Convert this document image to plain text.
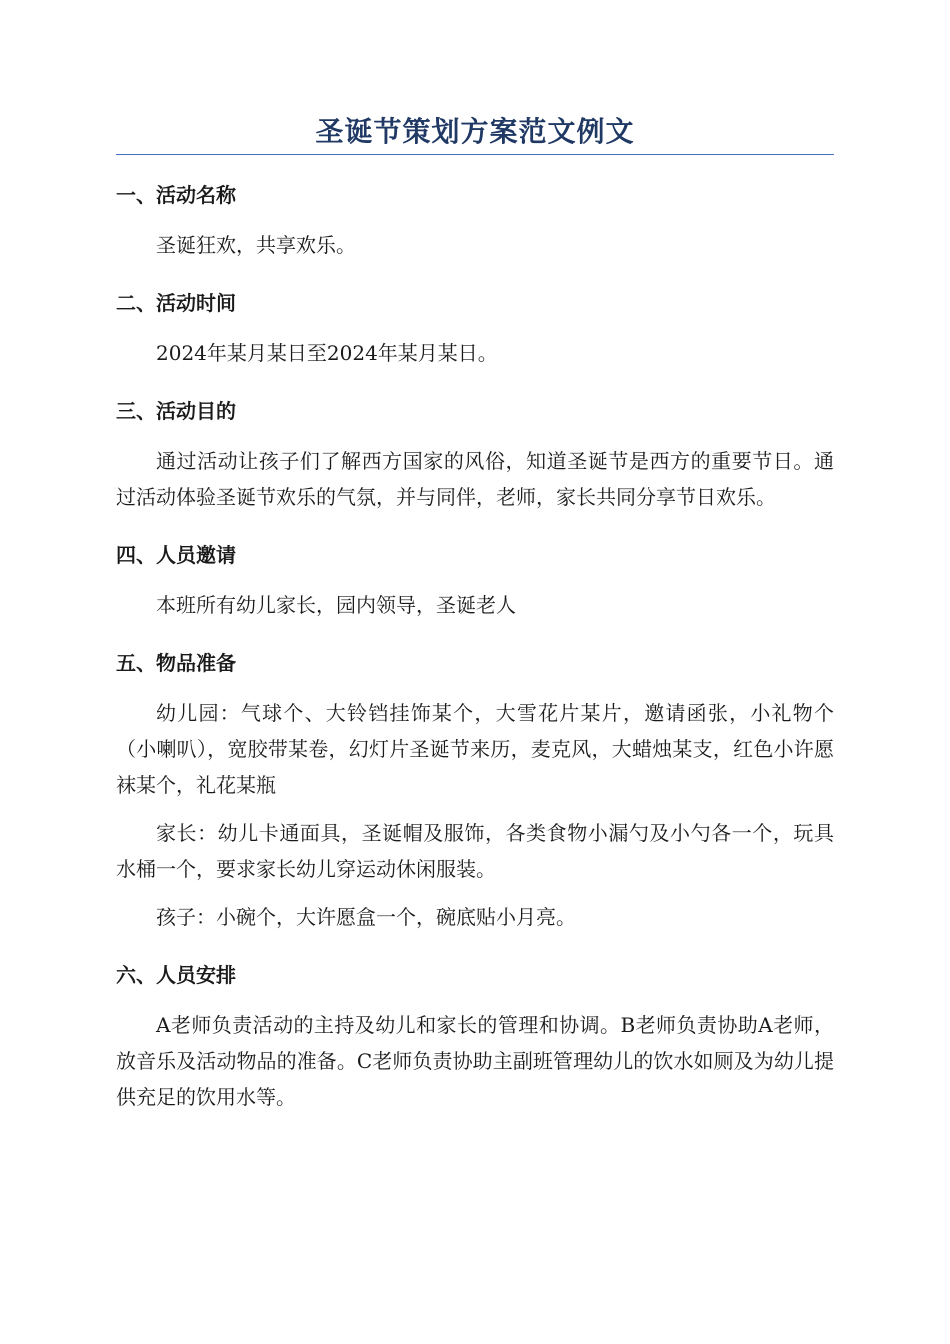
圣诞节策划方案范文例文
一、活动名称

圣诞狂欢，共享欢乐。

二、活动时间

2024年某月某日至2024年某月某日。

三、活动目的

通过活动让孩子们了解西方国家的风俗，知道圣诞节是西方的重要节日。通过活动体验圣诞节欢乐的气氛，并与同伴，老师，家长共同分享节日欢乐。

四、人员邀请

本班所有幼儿家长，园内领导，圣诞老人

五、物品准备

幼儿园：气球个、大铃铛挂饰某个，大雪花片某片，邀请函张，小礼物个（小喇叭），宽胶带某卷，幻灯片圣诞节来历，麦克风，大蜡烛某支，红色小许愿袜某个，礼花某瓶

家长：幼儿卡通面具，圣诞帽及服饰，各类食物小漏勺及小勺各一个，玩具水桶一个，要求家长幼儿穿运动休闲服装。

孩子：小碗个，大许愿盒一个，碗底贴小月亮。

六、人员安排

A老师负责活动的主持及幼儿和家长的管理和协调。B老师负责协助A老师，放音乐及活动物品的准备。C老师负责协助主副班管理幼儿的饮水如厕及为幼儿提供充足的饮用水等。
